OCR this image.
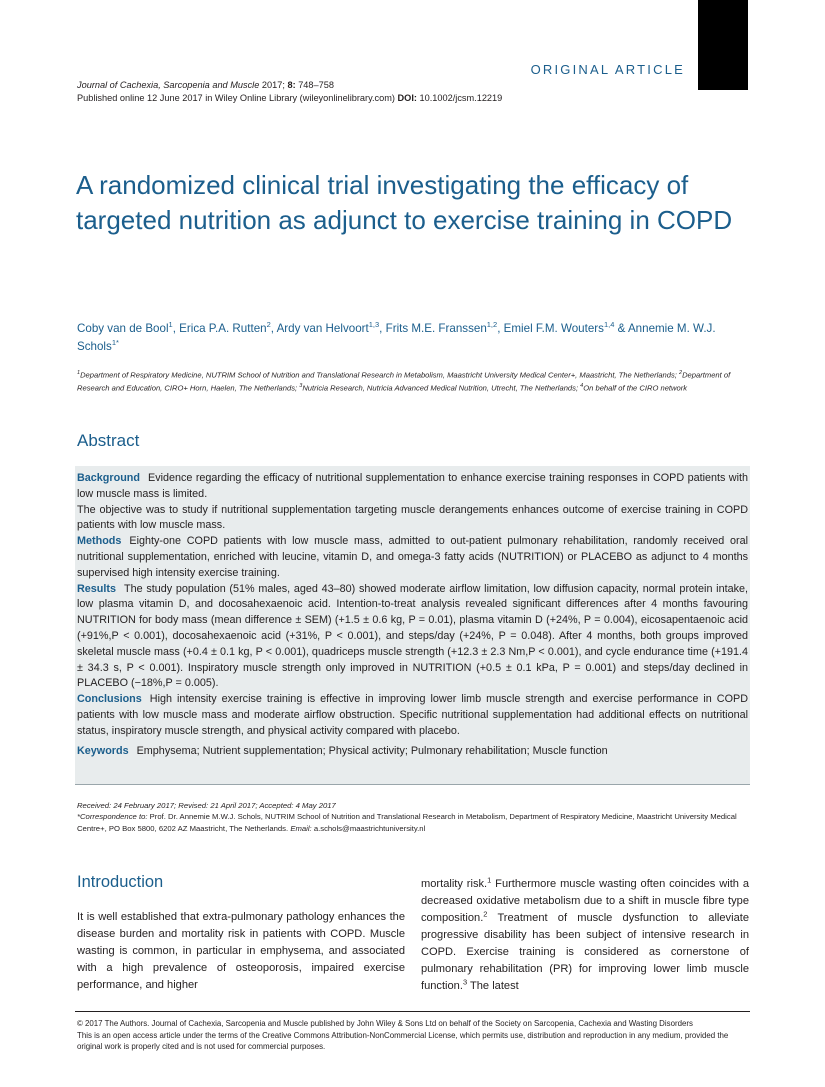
ORIGINAL ARTICLE
Journal of Cachexia, Sarcopenia and Muscle 2017; 8: 748–758
Published online 12 June 2017 in Wiley Online Library (wileyonlinelibrary.com) DOI: 10.1002/jcsm.12219
A randomized clinical trial investigating the efficacy of targeted nutrition as adjunct to exercise training in COPD
Coby van de Bool$^1$, Erica P.A. Rutten$^2$, Ardy van Helvoort$^{1,3}$, Frits M.E. Franssen$^{1,2}$, Emiel F.M. Wouters$^{1,4}$ & Annemie M. W.J. Schols$^{1*}$
$^1$Department of Respiratory Medicine, NUTRIM School of Nutrition and Translational Research in Metabolism, Maastricht University Medical Center+, Maastricht, The Netherlands; $^2$Department of Research and Education, CIRO+ Horn, Haelen, The Netherlands; $^3$Nutricia Research, Nutricia Advanced Medical Nutrition, Utrecht, The Netherlands; $^4$On behalf of the CIRO network
Abstract

Background Evidence regarding the efficacy of nutritional supplementation to enhance exercise training responses in COPD patients with low muscle mass is limited.

The objective was to study if nutritional supplementation targeting muscle derangements enhances outcome of exercise training in COPD patients with low muscle mass.

Methods Eighty-one COPD patients with low muscle mass, admitted to out-patient pulmonary rehabilitation, randomly received oral nutritional supplementation, enriched with leucine, vitamin D, and omega-3 fatty acids (NUTRITION) or PLACEBO as adjunct to 4 months supervised high intensity exercise training.

Results The study population (51% males, aged 43–80) showed moderate airflow limitation, low diffusion capacity, normal protein intake, low plasma vitamin D, and docosahexaenoic acid. Intention-to-treat analysis revealed significant differences after 4 months favouring NUTRITION for body mass (mean difference ± SEM) (+1.5 ± 0.6 kg, P = 0.01), plasma vitamin D (+24%, P = 0.004), eicosapentaenoic acid (+91%,P < 0.001), docosahexaenoic acid (+31%, P < 0.001), and steps/day (+24%, P = 0.048). After 4 months, both groups improved skeletal muscle mass (+0.4 ± 0.1 kg, P < 0.001), quadriceps muscle strength (+12.3 ± 2.3 Nm,P < 0.001), and cycle endurance time (+191.4 ± 34.3 s, P < 0.001). Inspiratory muscle strength only improved in NUTRITION (+0.5 ± 0.1 kPa, P = 0.001) and steps/day declined in PLACEBO (−18%,P = 0.005).

Conclusions High intensity exercise training is effective in improving lower limb muscle strength and exercise performance in COPD patients with low muscle mass and moderate airflow obstruction. Specific nutritional supplementation had additional effects on nutritional status, inspiratory muscle strength, and physical activity compared with placebo.

Keywords Emphysema; Nutrient supplementation; Physical activity; Pulmonary rehabilitation; Muscle function

Received: 24 February 2017; Revised: 21 April 2017; Accepted: 4 May 2017
*Correspondence to: Prof. Dr. Annemie M.W.J. Schols, NUTRIM School of Nutrition and Translational Research in Metabolism, Department of Respiratory Medicine, Maastricht University Medical Centre+, PO Box 5800, 6202 AZ Maastricht, The Netherlands. Email: a.schols@maastrichtuniversity.nl
Introduction
It is well established that extra-pulmonary pathology enhances the disease burden and mortality risk in patients with COPD. Muscle wasting is common, in particular in emphysema, and associated with a high prevalence of osteoporosis, impaired exercise performance, and higher
mortality risk.$^1$ Furthermore muscle wasting often coincides with a decreased oxidative metabolism due to a shift in muscle fibre type composition.$^2$ Treatment of muscle dysfunction to alleviate progressive disability has been subject of intensive research in COPD. Exercise training is considered as cornerstone of pulmonary rehabilitation (PR) for improving lower limb muscle function.$^3$ The latest
© 2017 The Authors. Journal of Cachexia, Sarcopenia and Muscle published by John Wiley & Sons Ltd on behalf of the Society on Sarcopenia, Cachexia and Wasting Disorders
This is an open access article under the terms of the Creative Commons Attribution-NonCommercial License, which permits use, distribution and reproduction in any medium, provided the original work is properly cited and is not used for commercial purposes.
